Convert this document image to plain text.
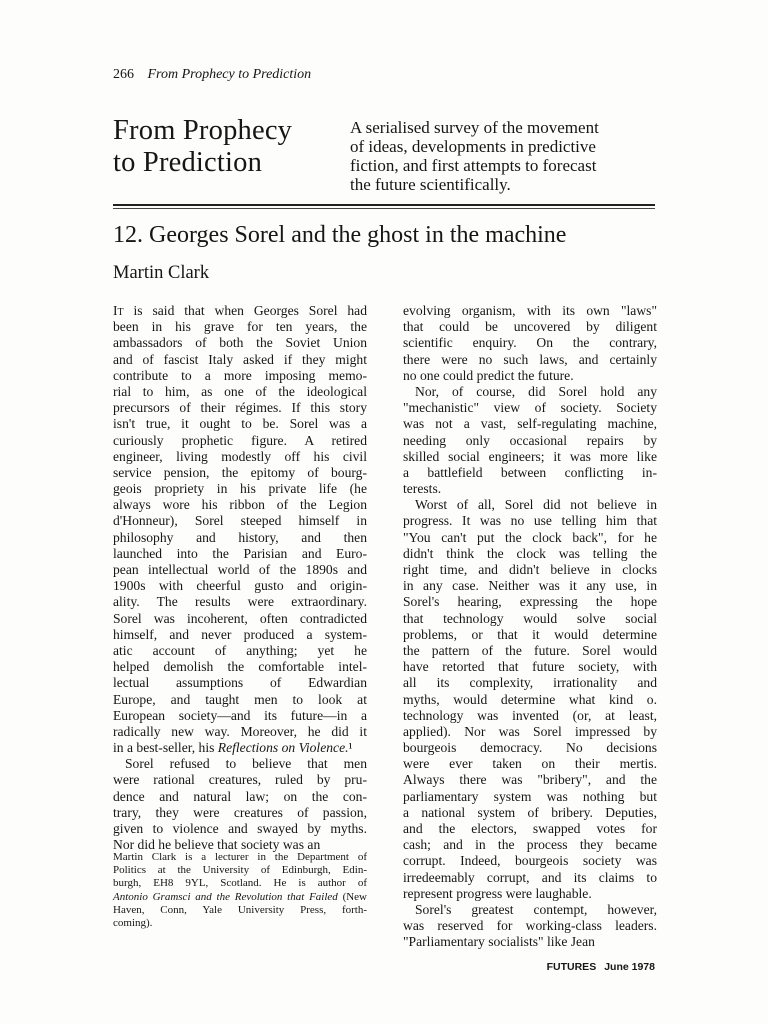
266 From Prophecy to Prediction
From Prophecy
to Prediction
A serialised survey of the movement
of ideas, developments in predictive
fiction, and first attempts to forecast
the future scientifically.
12. Georges Sorel and the ghost in the machine
Martin Clark
It is said that when Georges Sorel had
been in his grave for ten years, the
ambassadors of both the Soviet Union
and of fascist Italy asked if they might
contribute to a more imposing memo-
rial to him, as one of the ideological
precursors of their régimes. If this story
isn't true, it ought to be. Sorel was a
curiously prophetic figure. A retired
engineer, living modestly off his civil
service pension, the epitomy of bourg-
geois propriety in his private life (he
always wore his ribbon of the Legion
d'Honneur), Sorel steeped himself in
philosophy and history, and then
launched into the Parisian and Euro-
pean intellectual world of the 1890s and
1900s with cheerful gusto and origin-
ality. The results were extraordinary.
Sorel was incoherent, often contradicted
himself, and never produced a system-
atic account of anything; yet he
helped demolish the comfortable intel-
lectual assumptions of Edwardian
Europe, and taught men to look at
European society—and its future—in a
radically new way. Moreover, he did it
in a best-seller, his Reflections on Violence.¹
Sorel refused to believe that men
were rational creatures, ruled by pru-
dence and natural law; on the con-
trary, they were creatures of passion,
given to violence and swayed by myths.
Nor did he believe that society was an
evolving organism, with its own "laws"
that could be uncovered by diligent
scientific enquiry. On the contrary,
there were no such laws, and certainly
no one could predict the future.
Nor, of course, did Sorel hold any
"mechanistic" view of society. Society
was not a vast, self-regulating machine,
needing only occasional repairs by
skilled social engineers; it was more like
a battlefield between conflicting in-
terests.
Worst of all, Sorel did not believe in
progress. It was no use telling him that
"You can't put the clock back", for he
didn't think the clock was telling the
right time, and didn't believe in clocks
in any case. Neither was it any use, in
Sorel's hearing, expressing the hope
that technology would solve social
problems, or that it would determine
the pattern of the future. Sorel would
have retorted that future society, with
all its complexity, irrationality and
myths, would determine what kind o.
technology was invented (or, at least,
applied). Nor was Sorel impressed by
bourgeois democracy. No decisions
were ever taken on their mertis.
Always there was "bribery", and the
parliamentary system was nothing but
a national system of bribery. Deputies,
and the electors, swapped votes for
cash; and in the process they became
corrupt. Indeed, bourgeois society was
irredeemably corrupt, and its claims to
represent progress were laughable.
Sorel's greatest contempt, however,
was reserved for working-class leaders.
"Parliamentary socialists" like Jean
Martin Clark is a lecturer in the Department of
Politics at the University of Edinburgh, Edin-
burgh, EH8 9YL, Scotland. He is author of
Antonio Gramsci and the Revolution that Failed (New
Haven, Conn, Yale University Press, forth-
coming).
FUTURES June 1978
